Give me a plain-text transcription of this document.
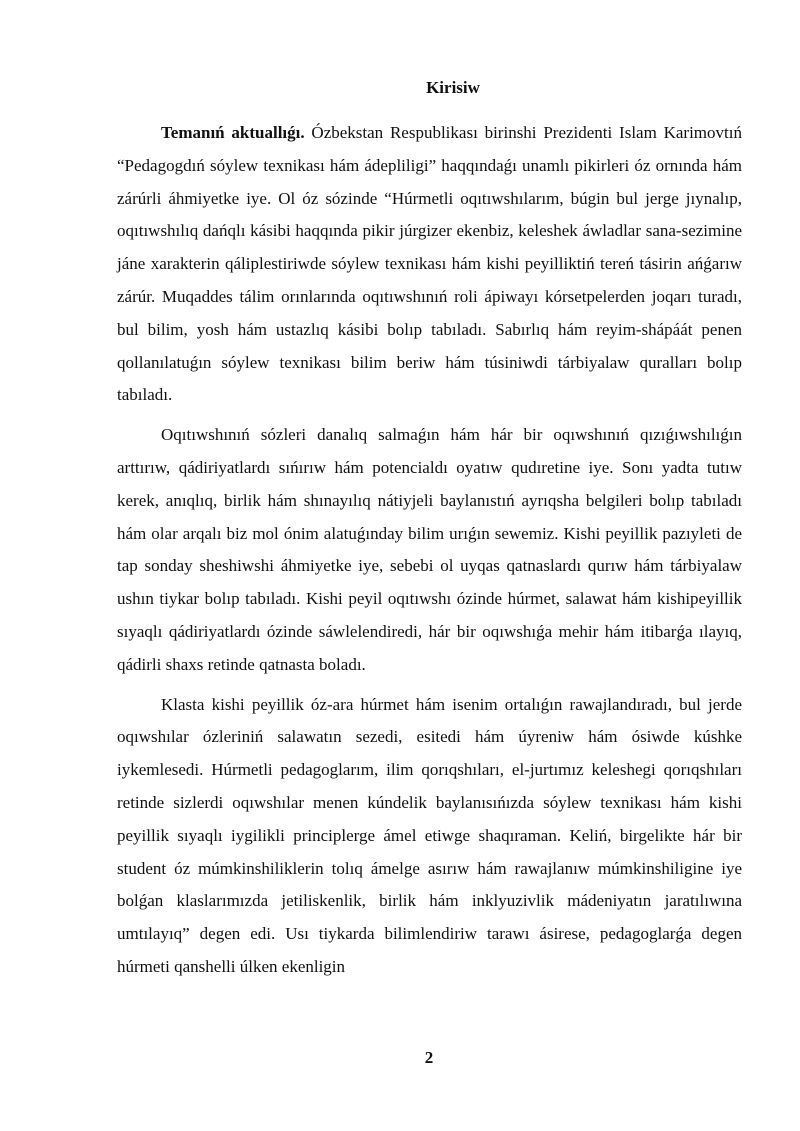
Kirisiw

Temanıń aktuallıǵı. Ózbekstan Respublikası birinshi Prezidenti Islam Karimovtıń “Pedagogdıń sóylew texnikası hám ádepliligi” haqqındaǵı unamlı pikirleri óz ornında hám zárúrli áhmiyetke iye. Ol óz sózinde “Húrmetli oqıtıwshılarım, búgin bul jerge jıynalıp, oqıtıwshılıq dańqlı kásibi haqqında pikir júrgizer ekenbiz, keleshek áwladlar sana-sezimine jáne xarakterin qáliplestiriwde sóylew texnikası hám kishi peyilliktiń tereń tásirin ańǵarıw zárúr. Muqaddes tálim orınlarında oqıtıwshınıń roli ápiwayı kórsetpelerden joqarı turadı, bul bilim, yosh hám ustazlıq kásibi bolıp tabıladı. Sabırlıq hám reyim-shápáát penen qollanılatuǵın sóylew texnikası bilim beriw hám túsiniwdi tárbiyalaw quralları bolıp tabıladı.

Oqıtıwshınıń sózleri danalıq salmaǵın hám hár bir oqıwshınıń qızıǵıwshılıǵın arttırıw, qádiriyatlardı sıńırıw hám potencialdı oyatıw qudıretine iye. Sonı yadta tutıw kerek, anıqlıq, birlik hám shınayılıq nátiyjeli baylanıstıń ayrıqsha belgileri bolıp tabıladı hám olar arqalı biz mol ónim alatuǵınday bilim urıǵın sewemiz. Kishi peyillik pazıyleti de tap sonday sheshiwshi áhmiyetke iye, sebebi ol uyqas qatnaslardı qurıw hám tárbiyalaw ushın tiykar bolıp tabıladı. Kishi peyil oqıtıwshı ózinde húrmet, salawat hám kishipeyillik sıyaqlı qádiriyatlardı ózinde sáwlelendiredi, hár bir oqıwshıǵa mehir hám itibarǵa ılayıq, qádirli shaxs retinde qatnasta boladı.

Klasta kishi peyillik óz-ara húrmet hám isenim ortalıǵın rawajlandıradı, bul jerde oqıwshılar ózleriniń salawatın sezedi, esitedi hám úyreniw hám ósiwde kúshke iykemlesedi. Húrmetli pedagoglarım, ilim qorıqshıları, el-jurtımız keleshegi qorıqshıları retinde sizlerdi oqıwshılar menen kúndelik baylanısıńızda sóylew texnikası hám kishi peyillik sıyaqlı iygilikli principlerge ámel etiwge shaqıraman. Keliń, birgelikte hár bir student óz múmkinshiliklerin tolıq ámelge asırıw hám rawajlanıw múmkinshiligine iye bolǵan klaslarımızda jetiliskenlik, birlik hám inklyuzivlik mádeniyatın jaratılıwına umtılayıq” degen edi. Usı tiykarda bilimlendiriw tarawı ásirese, pedagoglarǵa degen húrmeti qanshelli úlken ekenligin

2
